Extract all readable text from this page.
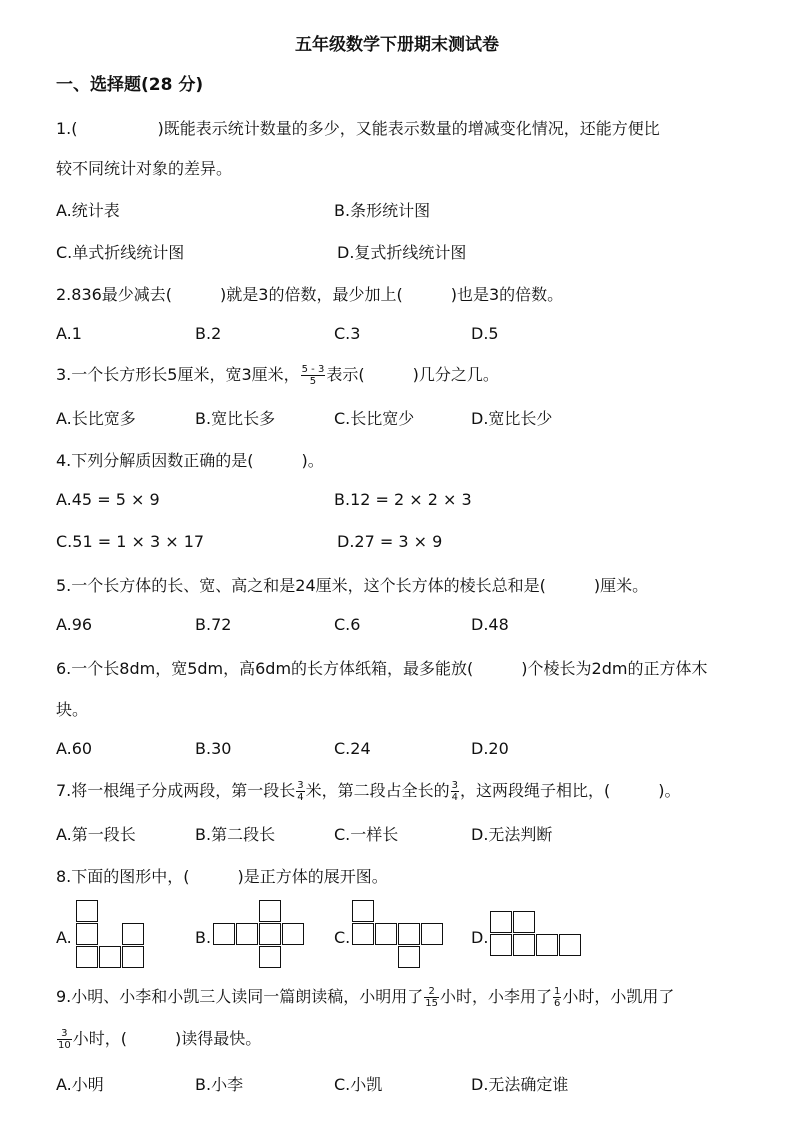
五年级数学下册期末测试卷
一、选择题(28 分)
1.(　　　　　)既能表示统计数量的多少，又能表示数量的增减变化情况，还能方便比
较不同统计对象的差异。
A.统计表	B.条形统计图
C.单式折线统计图	D.复式折线统计图
2.836最少减去(　　　)就是3的倍数，最少加上(　　　)也是3的倍数。
A.1	B.2	C.3	D.5
3.一个长方形长5厘米，宽3厘米， $\frac{5 - 3}{5}$ 表示(　　　)几分之几。
A.长比宽多	B.宽比长多	C.长比宽少	D.宽比长少
4.下列分解质因数正确的是(　　　)。
A.45 = 5 × 9	B.12 = 2 × 2 × 3
C.51 = 1 × 3 × 17	D.27 = 3 × 9
5.一个长方体的长、宽、高之和是24厘米，这个长方体的棱长总和是(　　　)厘米。
A.96	B.72	C.6	D.48
6.一个长8dm，宽5dm，高6dm的长方体纸箱，最多能放(　　　)个棱长为2dm的正方体木
块。
A.60	B.30	C.24	D.20
7.将一根绳子分成两段，第一段长 $\frac{3}{4}$ 米，第二段占全长的 $\frac{3}{4}$ ，这两段绳子相比，(　　　)。
A.第一段长	B.第二段长	C.一样长	D.无法判断
8.下面的图形中，(　　　)是正方体的展开图。
A.	B.	C.	D.
9.小明、小李和小凯三人读同一篇朗读稿，小明用了 $\frac{2}{15}$ 小时，小李用了 $\frac{1}{6}$ 小时，小凯用了
$\frac{3}{10}$ 小时，(　　　)读得最快。
A.小明	B.小李	C.小凯	D.无法确定谁
